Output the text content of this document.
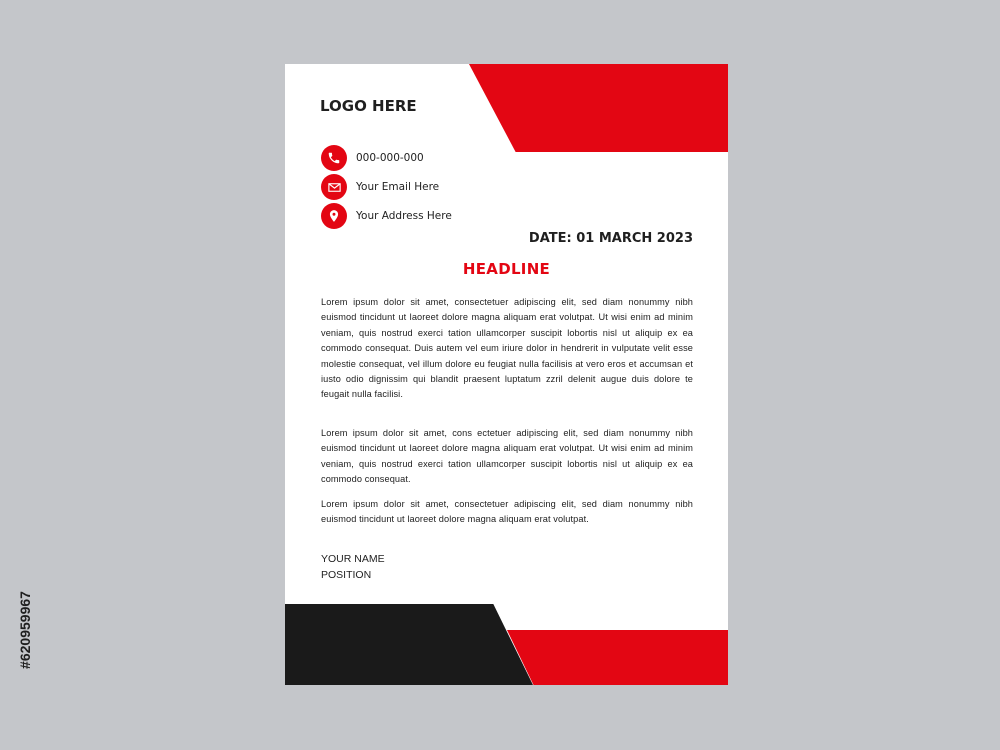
LOGO HERE
000-000-000
Your Email Here
Your Address Here
DATE: 01 MARCH 2023
HEADLINE
Lorem ipsum dolor sit amet, consectetuer adipiscing elit, sed diam nonummy nibh euismod tincidunt ut laoreet dolore magna aliquam erat volutpat. Ut wisi enim ad minim veniam, quis nostrud exerci tation ullamcorper suscipit lobortis nisl ut aliquip ex ea commodo consequat. Duis autem vel eum iriure dolor in hendrerit in vulputate velit esse molestie consequat, vel illum dolore eu feugiat nulla facilisis at vero eros et accumsan et iusto odio dignissim qui blandit praesent luptatum zzril delenit augue duis dolore te feugait nulla facilisi.
Lorem ipsum dolor sit amet, cons ectetuer adipiscing elit, sed diam nonummy nibh euismod tincidunt ut laoreet dolore magna aliquam erat volutpat. Ut wisi enim ad minim veniam, quis nostrud exerci tation ullamcorper suscipit lobortis nisl ut aliquip ex ea commodo consequat.
Lorem ipsum dolor sit amet, consectetuer adipiscing elit, sed diam nonummy nibh euismod tincidunt ut laoreet dolore magna aliquam erat volutpat.
YOUR NAME
POSITION
#620959967
